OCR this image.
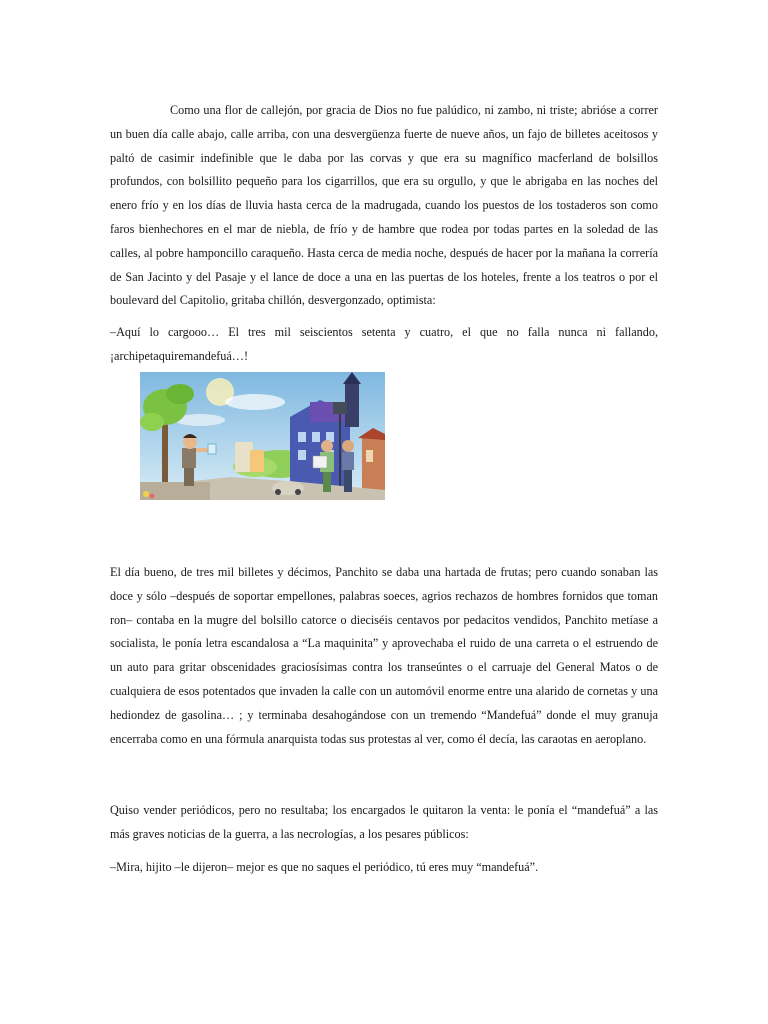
Como una flor de callejón, por gracia de Dios no fue palúdico, ni zambo, ni triste; abrióse a correr un buen día calle abajo, calle arriba, con una desvergüenza fuerte de nueve años, un fajo de billetes aceitosos y paltó de casimir indefinible que le daba por las corvas y que era su magnífico macferland de bolsillos profundos, con bolsillito pequeño para los cigarrillos, que era su orgullo, y que le abrigaba en las noches del enero frío y en los días de lluvia hasta cerca de la madrugada, cuando los puestos de los tostaderos son como faros bienhechores en el mar de niebla, de frío y de hambre que rodea por todas partes en la soledad de las calles, al pobre hamponcillo caraqueño. Hasta cerca de media noche, después de hacer por la mañana la correría de San Jacinto y del Pasaje y el lance de doce a una en las puertas de los hoteles, frente a los teatros o por el boulevard del Capitolio, gritaba chillón, desvergonzado, optimista:

–Aquí lo cargooo… El tres mil seiscientos setenta y cuatro, el que no falla nunca ni fallando, ¡archipetaquiremandefuá…!

El día bueno, de tres mil billetes y décimos, Panchito se daba una hartada de frutas; pero cuando sonaban las doce y sólo –después de soportar empellones, palabras soeces, agrios rechazos de hombres fornidos que toman ron– contaba en la mugre del bolsillo catorce o dieciséis centavos por pedacitos vendidos, Panchito metíase a socialista, le ponía letra escandalosa a “La maquinita” y aprovechaba el ruido de una carreta o el estruendo de un auto para gritar obscenidades graciosísimas contra los transeúntes o el carruaje del General Matos o de cualquiera de esos potentados que invaden la calle con un automóvil enorme entre una alarido de cornetas y una hediondez de gasolina… ; y terminaba desahogándose con un tremendo “Mandefuá” donde el muy granuja encerraba como en una fórmula anarquista todas sus protestas al ver, como él decía, las caraotas en aeroplano.

Quiso vender periódicos, pero no resultaba; los encargados le quitaron la venta: le ponía el “mandefuá” a las más graves noticias de la guerra, a las necrologías, a los pesares públicos:

–Mira, hijito –le dijeron– mejor es que no saques el periódico, tú eres muy “mandefuá”.
